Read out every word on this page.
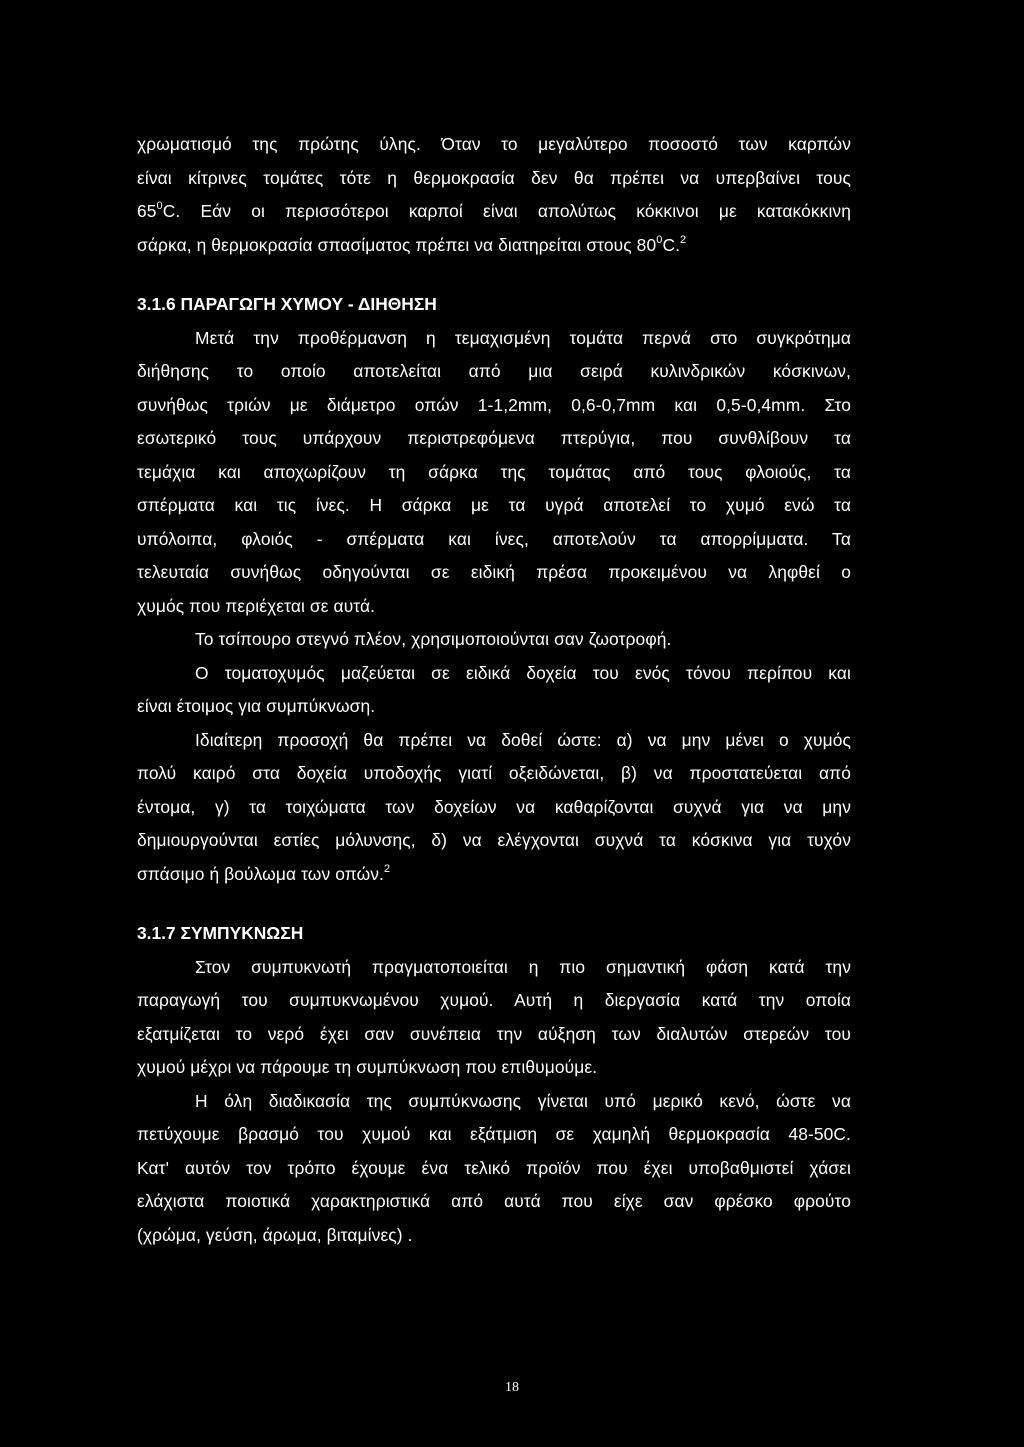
χρωματισμό της πρώτης ύλης. Όταν το μεγαλύτερο ποσοστό των καρπών
είναι κίτρινες τομάτες τότε η θερμοκρασία δεν θα πρέπει να υπερβαίνει τους
$65^0C$. Εάν οι περισσότεροι καρποί είναι απολύτως κόκκινοι με κατακόκκινη
σάρκα, η θερμοκρασία σπασίματος πρέπει να διατηρείται στους $80^0C.^2$
3.1.6 ΠΑΡΑΓΩΓΗ ΧΥΜΟΥ - ΔΙΗΘΗΣΗ
Μετά την προθέρμανση η τεμαχισμένη τομάτα περνά στο συγκρότημα
διήθησης το οποίο αποτελείται από μια σειρά κυλινδρικών κόσκινων,
συνήθως τριών με διάμετρο οπών 1-1,2mm, 0,6-0,7mm και 0,5-0,4mm. Στο
εσωτερικό τους υπάρχουν περιστρεφόμενα πτερύγια, που συνθλίβουν τα
τεμάχια και αποχωρίζουν τη σάρκα της τομάτας από τους φλοιούς, τα
σπέρματα και τις ίνες. Η σάρκα με τα υγρά αποτελεί το χυμό ενώ τα
υπόλοιπα, φλοιός - σπέρματα και ίνες, αποτελούν τα απορρίμματα. Τα
τελευταία συνήθως οδηγούνται σε ειδική πρέσα προκειμένου να ληφθεί ο
χυμός που περιέχεται σε αυτά.
Το τσίπουρο στεγνό πλέον, χρησιμοποιούνται σαν ζωοτροφή.
Ο τοματοχυμός μαζεύεται σε ειδικά δοχεία του ενός τόνου περίπου και
είναι έτοιμος για συμπύκνωση.
Ιδιαίτερη προσοχή θα πρέπει να δοθεί ώστε: α) να μην μένει ο χυμός
πολύ καιρό στα δοχεία υποδοχής γιατί οξειδώνεται, β) να προστατεύεται από
έντομα, γ) τα τοιχώματα των δοχείων να καθαρίζονται συχνά για να μην
δημιουργούνται εστίες μόλυνσης, δ) να ελέγχονται συχνά τα κόσκινα για τυχόν
σπάσιμο ή βούλωμα των οπών.$^2$
3.1.7 ΣΥΜΠΥΚΝΩΣΗ
Στον συμπυκνωτή πραγματοποιείται η πιο σημαντική φάση κατά την
παραγωγή του συμπυκνωμένου χυμού. Αυτή η διεργασία κατά την οποία
εξατμίζεται το νερό έχει σαν συνέπεια την αύξηση των διαλυτών στερεών του
χυμού μέχρι να πάρουμε τη συμπύκνωση που επιθυμούμε.
Η όλη διαδικασία της συμπύκνωσης γίνεται υπό μερικό κενό, ώστε να
πετύχουμε βρασμό του χυμού και εξάτμιση σε χαμηλή θερμοκρασία 48-50C.
Κατ' αυτόν τον τρόπο έχουμε ένα τελικό προϊόν που έχει υποβαθμιστεί χάσει
ελάχιστα ποιοτικά χαρακτηριστικά από αυτά που είχε σαν φρέσκο φρούτο
(χρώμα, γεύση, άρωμα, βιταμίνες) .
18
